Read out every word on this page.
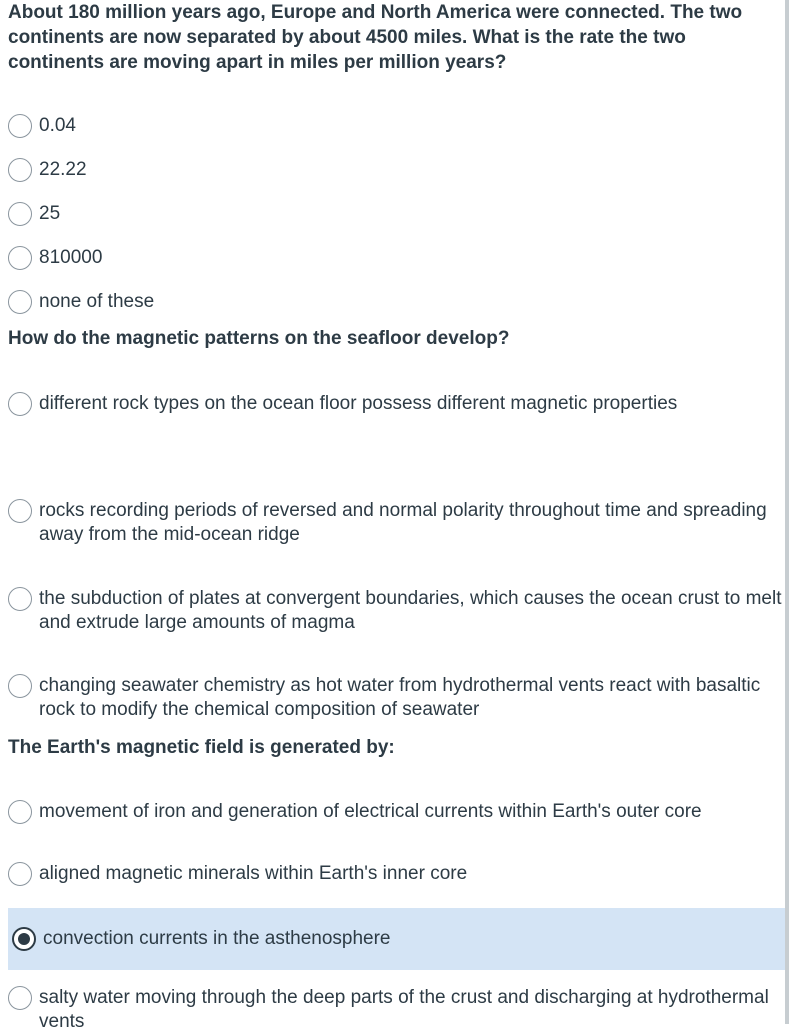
About 180 million years ago, Europe and North America were connected. The two continents are now separated by about 4500 miles. What is the rate the two continents are moving apart in miles per million years?

0.04
22.22
25
810000
none of these

How do the magnetic patterns on the seafloor develop?

different rock types on the ocean floor possess different magnetic properties
rocks recording periods of reversed and normal polarity throughout time and spreading away from the mid-ocean ridge
the subduction of plates at convergent boundaries, which causes the ocean crust to melt and extrude large amounts of magma
changing seawater chemistry as hot water from hydrothermal vents react with basaltic rock to modify the chemical composition of seawater

The Earth's magnetic field is generated by:

movement of iron and generation of electrical currents within Earth's outer core
aligned magnetic minerals within Earth's inner core
convection currents in the asthenosphere
salty water moving through the deep parts of the crust and discharging at hydrothermal vents
